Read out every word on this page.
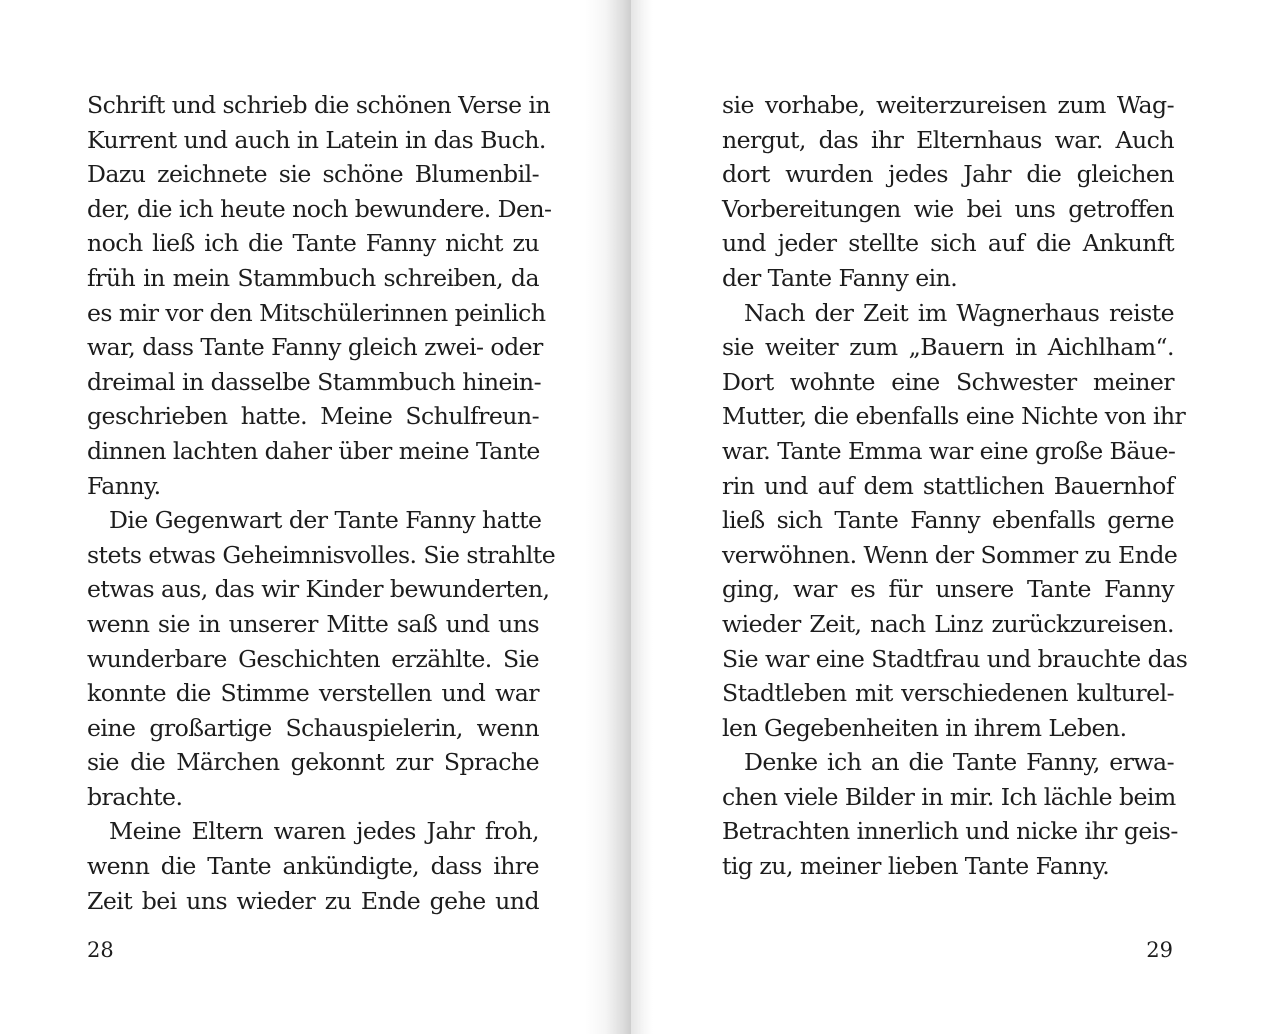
Schrift und schrieb die schönen Verse in
Kurrent und auch in Latein in das Buch.
Dazu zeichnete sie schöne Blumenbil-
der, die ich heute noch bewundere. Den-
noch ließ ich die Tante Fanny nicht zu
früh in mein Stammbuch schreiben, da
es mir vor den Mitschülerinnen peinlich
war, dass Tante Fanny gleich zwei- oder
dreimal in dasselbe Stammbuch hinein-
geschrieben hatte. Meine Schulfreun-
dinnen lachten daher über meine Tante
Fanny.
Die Gegenwart der Tante Fanny hatte
stets etwas Geheimnisvolles. Sie strahlte
etwas aus, das wir Kinder bewunderten,
wenn sie in unserer Mitte saß und uns
wunderbare Geschichten erzählte. Sie
konnte die Stimme verstellen und war
eine großartige Schauspielerin, wenn
sie die Märchen gekonnt zur Sprache
brachte.
Meine Eltern waren jedes Jahr froh,
wenn die Tante ankündigte, dass ihre
Zeit bei uns wieder zu Ende gehe und
28
sie vorhabe, weiterzureisen zum Wag-
nergut, das ihr Elternhaus war. Auch
dort wurden jedes Jahr die gleichen
Vorbereitungen wie bei uns getroffen
und jeder stellte sich auf die Ankunft
der Tante Fanny ein.
Nach der Zeit im Wagnerhaus reiste
sie weiter zum „Bauern in Aichlham“.
Dort wohnte eine Schwester meiner
Mutter, die ebenfalls eine Nichte von ihr
war. Tante Emma war eine große Bäue-
rin und auf dem stattlichen Bauernhof
ließ sich Tante Fanny ebenfalls gerne
verwöhnen. Wenn der Sommer zu Ende
ging, war es für unsere Tante Fanny
wieder Zeit, nach Linz zurückzureisen.
Sie war eine Stadtfrau und brauchte das
Stadtleben mit verschiedenen kulturel-
len Gegebenheiten in ihrem Leben.
Denke ich an die Tante Fanny, erwa-
chen viele Bilder in mir. Ich lächle beim
Betrachten innerlich und nicke ihr geis-
tig zu, meiner lieben Tante Fanny.
29
